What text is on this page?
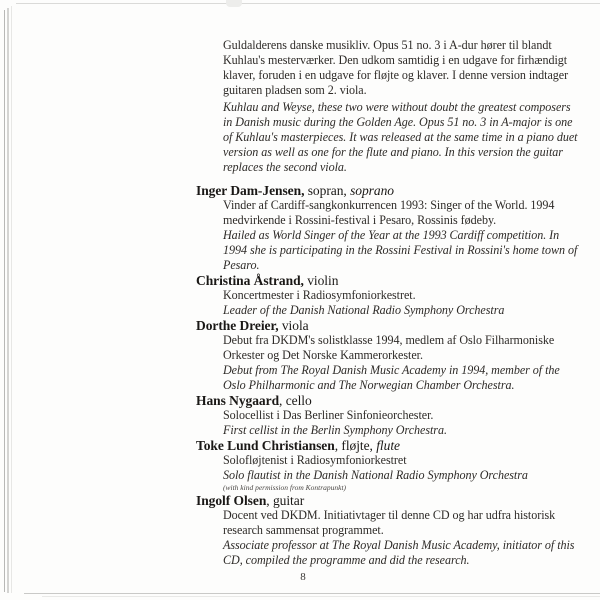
Guldalderens danske musikliv. Opus 51 no. 3 i A-dur hører til blandt Kuhlau's mesterværker. Den udkom samtidig i en udgave for firhændigt klaver, foruden i en udgave for fløjte og klaver. I denne version indtager guitaren pladsen som 2. viola.

Kuhlau and Weyse, these two were without doubt the greatest composers in Danish music during the Golden Age. Opus 51 no. 3 in A-major is one of Kuhlau's masterpieces. It was released at the same time in a piano duet version as well as one for the flute and piano. In this version the guitar replaces the second viola.

Inger Dam-Jensen, sopran, soprano
Vinder af Cardiff-sangkonkurrencen 1993: Singer of the World. 1994 medvirkende i Rossini-festival i Pesaro, Rossinis fødeby.
Hailed as World Singer of the Year at the 1993 Cardiff competition. In 1994 she is participating in the Rossini Festival in Rossini's home town of Pesaro.
Christina Åstrand, violin
Koncertmester i Radiosymfoniorkestret.
Leader of the Danish National Radio Symphony Orchestra
Dorthe Dreier, viola
Debut fra DKDM's solistklasse 1994, medlem af Oslo Filharmoniske Orkester og Det Norske Kammerorkester.
Debut from The Royal Danish Music Academy in 1994, member of the Oslo Philharmonic and The Norwegian Chamber Orchestra.
Hans Nygaard, cello
Solocellist i Das Berliner Sinfonieorchester.
First cellist in the Berlin Symphony Orchestra.
Toke Lund Christiansen, fløjte, flute
Solofløjtenist i Radiosymfoniorkestret
Solo flautist in the Danish National Radio Symphony Orchestra
(with kind permission from Kontrapunkt)
Ingolf Olsen, guitar
Docent ved DKDM. Initiativtager til denne CD og har udfra historisk research sammensat programmet.
Associate professor at The Royal Danish Music Academy, initiator of this CD, compiled the programme and did the research.
8
